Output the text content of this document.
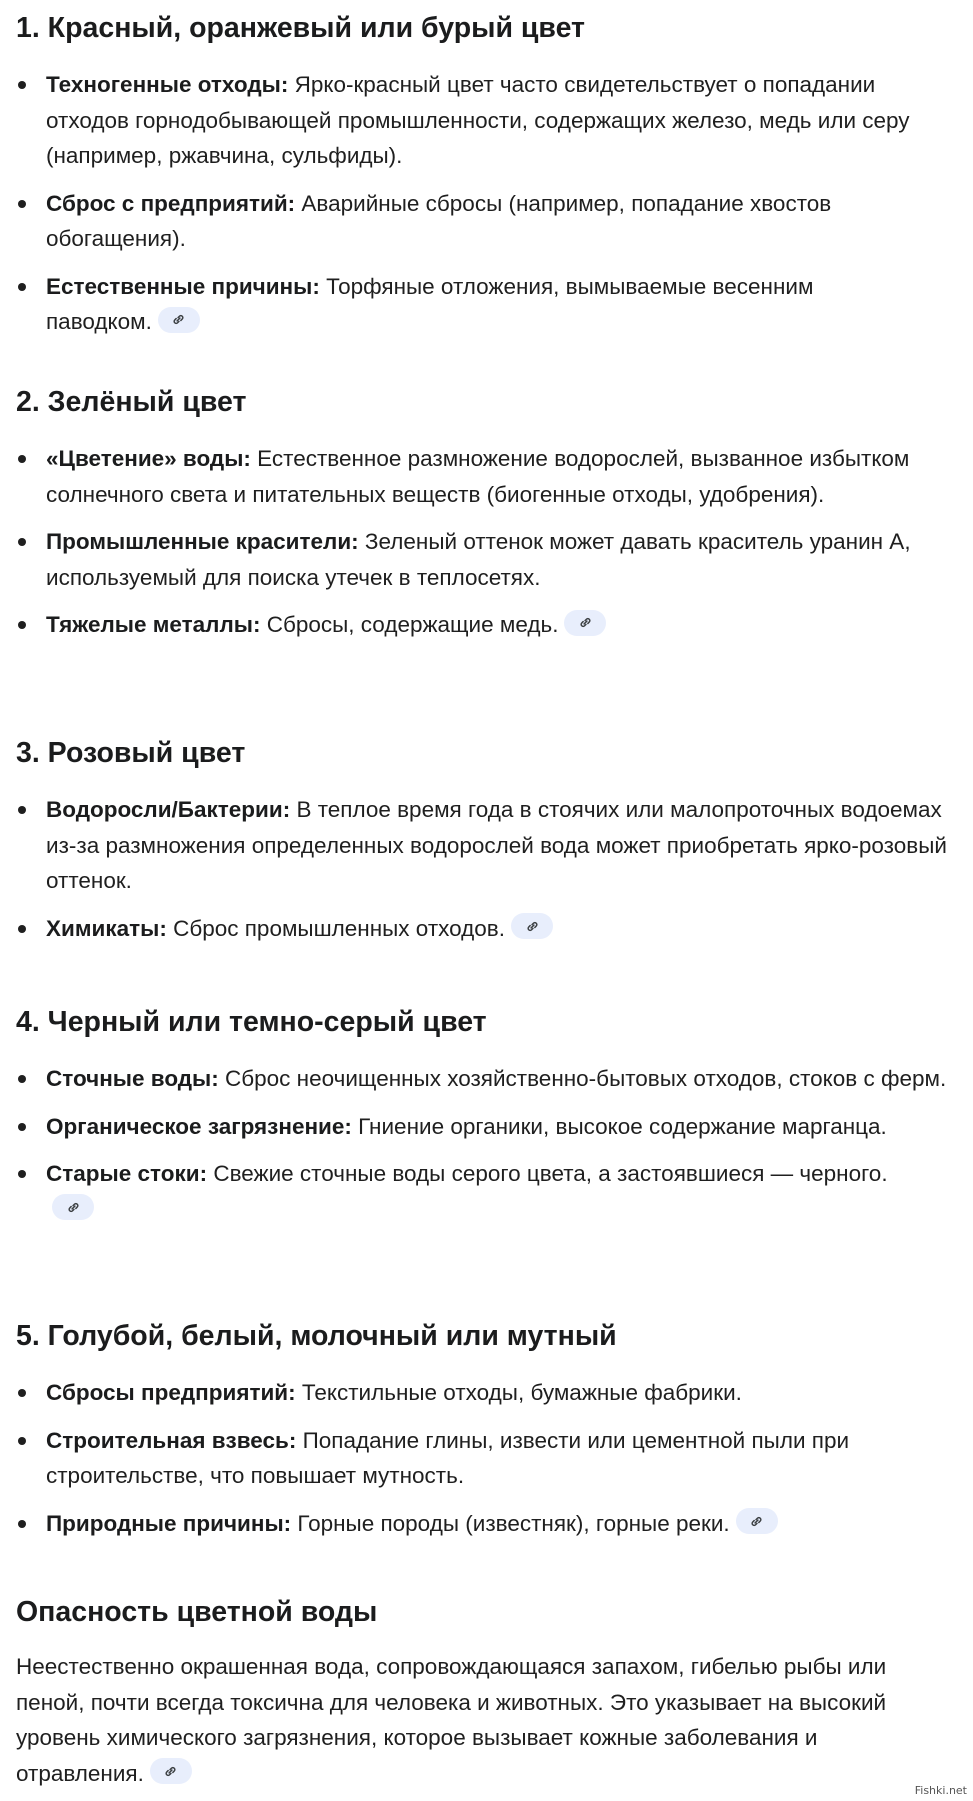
1. Красный, оранжевый или бурый цвет
Техногенные отходы: Ярко-красный цвет часто свидетельствует о попадании отходов горнодобывающей промышленности, содержащих железо, медь или серу (например, ржавчина, сульфиды).
Сброс с предприятий: Аварийные сбросы (например, попадание хвостов обогащения).
Естественные причины: Торфяные отложения, вымываемые весенним паводком.
2. Зелёный цвет
«Цветение» воды: Естественное размножение водорослей, вызванное избытком солнечного света и питательных веществ (биогенные отходы, удобрения).
Промышленные красители: Зеленый оттенок может давать краситель уранин А, используемый для поиска утечек в теплосетях.
Тяжелые металлы: Сбросы, содержащие медь.
3. Розовый цвет
Водоросли/Бактерии: В теплое время года в стоячих или малопроточных водоемах из-за размножения определенных водорослей вода может приобретать ярко-розовый оттенок.
Химикаты: Сброс промышленных отходов.
4. Черный или темно-серый цвет
Сточные воды: Сброс неочищенных хозяйственно-бытовых отходов, стоков с ферм.
Органическое загрязнение: Гниение органики, высокое содержание марганца.
Старые стоки: Свежие сточные воды серого цвета, а застоявшиеся — черного.
5. Голубой, белый, молочный или мутный
Сбросы предприятий: Текстильные отходы, бумажные фабрики.
Строительная взвесь: Попадание глины, извести или цементной пыли при строительстве, что повышает мутность.
Природные причины: Горные породы (известняк), горные реки.
Опасность цветной воды

Неестественно окрашенная вода, сопровождающаяся запахом, гибелью рыбы или пеной, почти всегда токсична для человека и животных. Это указывает на высокий уровень химического загрязнения, которое вызывает кожные заболевания и отравления.

Fishki.net
